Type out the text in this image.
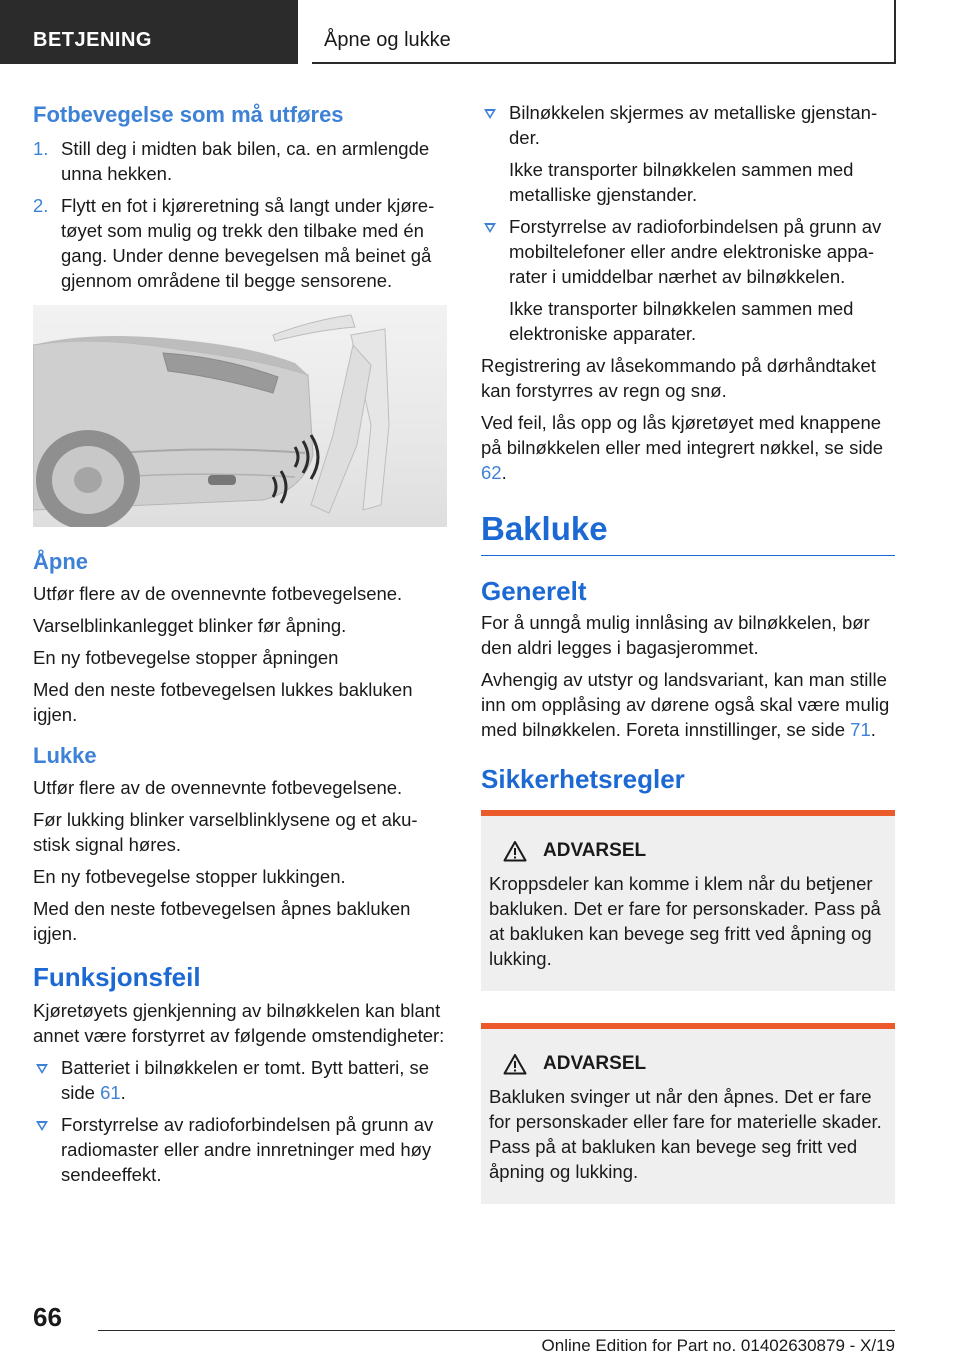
BETJENING	Åpne og lukke
Fotbevegelse som må utføres
1. Still deg i midten bak bilen, ca. en armlengde unna hekken.
2. Flytt en fot i kjøreretning så langt under kjøretøyet som mulig og trekk den tilbake med én gang. Under denne bevegelsen må beinet gå gjennom områdene til begge sensorene.
Åpne

Utfør flere av de ovennevnte fotbevegelsene.

Varselblinkanlegget blinker før åpning.

En ny fotbevegelse stopper åpningen

Med den neste fotbevegelsen lukkes bakluken igjen.

Lukke

Utfør flere av de ovennevnte fotbevegelsene.

Før lukking blinker varselblinklysene og et akustisk signal høres.

En ny fotbevegelse stopper lukkingen.

Med den neste fotbevegelsen åpnes bakluken igjen.

Funksjonsfeil

Kjøretøyets gjenkjenning av bilnøkkelen kan blant annet være forstyrret av følgende omstendigheter:

Batteriet i bilnøkkelen er tomt. Bytt batteri, se side 61.
Forstyrrelse av radioforbindelsen på grunn av radiomaster eller andre innretninger med høy sendeeffekt.
Bilnøkkelen skjermes av metalliske gjenstander.
Ikke transporter bilnøkkelen sammen med metalliske gjenstander.
Forstyrrelse av radioforbindelsen på grunn av mobiltelefoner eller andre elektroniske apparater i umiddelbar nærhet av bilnøkkelen.
Ikke transporter bilnøkkelen sammen med elektroniske apparater.

Registrering av låsekommando på dørhåndtaket kan forstyrres av regn og snø.

Ved feil, lås opp og lås kjøretøyet med knappene på bilnøkkelen eller med integrert nøkkel, se side 62.

Bakluke
Generelt

For å unngå mulig innlåsing av bilnøkkelen, bør den aldri legges i bagasjerommet.

Avhengig av utstyr og landsvariant, kan man stille inn om opplåsing av dørene også skal være mulig med bilnøkkelen. Foreta innstillinger, se side 71.

Sikkerhetsregler
ADVARSEL
Kroppsdeler kan komme i klem når du betjener bakluken. Det er fare for personskader. Pass på at bakluken kan bevege seg fritt ved åpning og lukking.
ADVARSEL
Bakluken svinger ut når den åpnes. Det er fare for personskader eller fare for materielle skader. Pass på at bakluken kan bevege seg fritt ved åpning og lukking.
66
Online Edition for Part no. 01402630879 - X/19
